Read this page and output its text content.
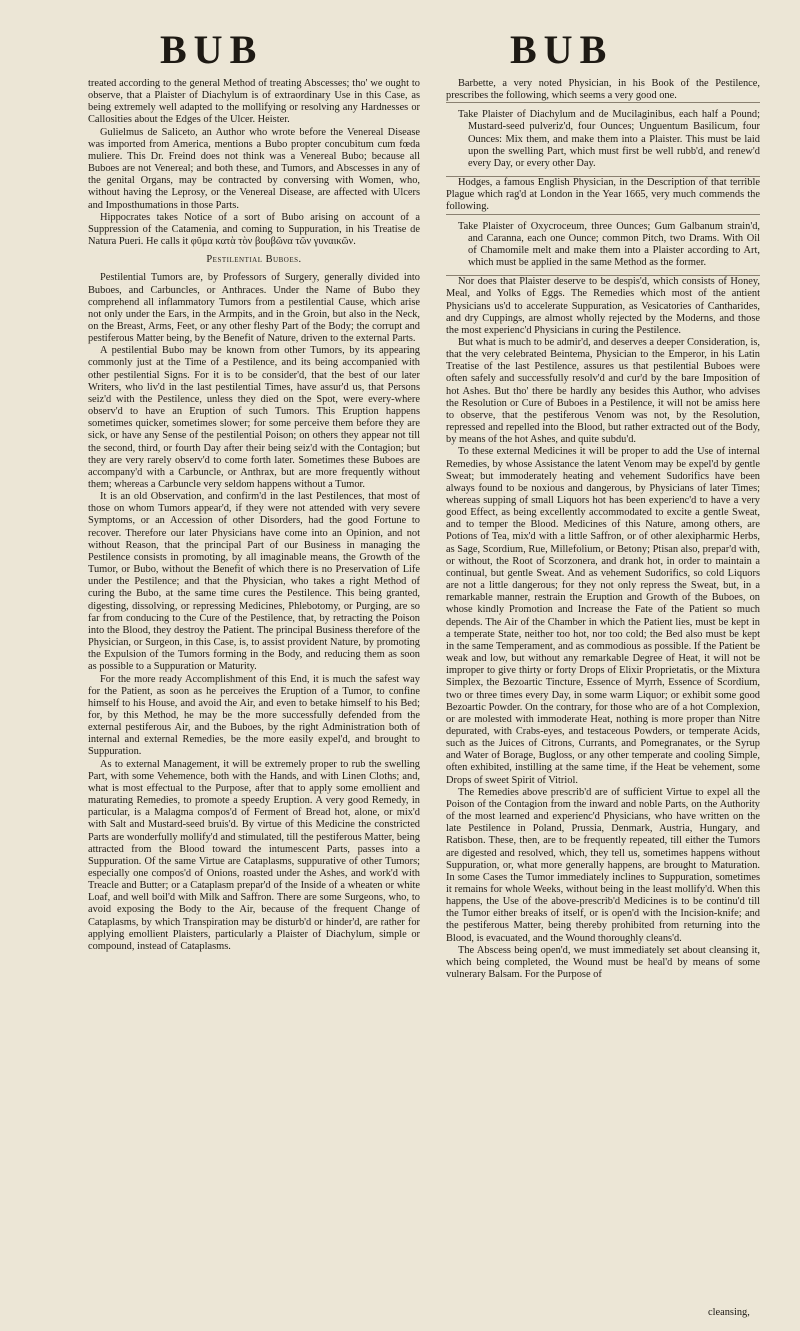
BUB	BUB

treated according to the general Method of treating Abscesses; tho' we ought to observe, that a Plaister of Diachylum is of extraordinary Use in this Case, as being extremely well adapted to the mollifying or resolving any Hardnesses or Callosities about the Edges of the Ulcer. Heister.

Gulielmus de Saliceto, an Author who wrote before the Venereal Disease was imported from America, mentions a Bubo propter concubitum cum fœda muliere. This Dr. Freind does not think was a Venereal Bubo; because all Buboes are not Venereal; and both these, and Tumors, and Abscesses in any of the genital Organs, may be contracted by conversing with Women, who, without having the Leprosy, or the Venereal Disease, are affected with Ulcers and Imposthumations in those Parts.

Hippocrates takes Notice of a sort of Bubo arising on account of a Suppression of the Catamenia, and coming to Suppuration, in his Treatise de Natura Pueri. He calls it φῦμα κατὰ τὸν βουβῶνα τῶν γυναικῶν.

Pestilential Buboes.

Pestilential Tumors are, by Professors of Surgery, generally divided into Buboes, and Carbuncles, or Anthraces. Under the Name of Bubo they comprehend all inflammatory Tumors from a pestilential Cause, which arise not only under the Ears, in the Armpits, and in the Groin, but also in the Neck, on the Breast, Arms, Feet, or any other fleshy Part of the Body; the corrupt and pestiferous Matter being, by the Benefit of Nature, driven to the external Parts.

A pestilential Bubo may be known from other Tumors, by its appearing commonly just at the Time of a Pestilence, and its being accompanied with other pestilential Signs. For it is to be consider'd, that the best of our later Writers, who liv'd in the last pestilential Times, have assur'd us, that Persons seiz'd with the Pestilence, unless they died on the Spot, were every-where observ'd to have an Eruption of such Tumors. This Eruption happens sometimes quicker, sometimes slower; for some perceive them before they are sick, or have any Sense of the pestilential Poison; on others they appear not till the second, third, or fourth Day after their being seiz'd with the Contagion; but they are very rarely observ'd to come forth later. Sometimes these Buboes are accompany'd with a Carbuncle, or Anthrax, but are more frequently without them; whereas a Carbuncle very seldom happens without a Tumor.

It is an old Observation, and confirm'd in the last Pestilences, that most of those on whom Tumors appear'd, if they were not attended with very severe Symptoms, or an Accession of other Disorders, had the good Fortune to recover. Therefore our later Physicians have come into an Opinion, and not without Reason, that the principal Part of our Business in managing the Pestilence consists in promoting, by all imaginable means, the Growth of the Tumor, or Bubo, without the Benefit of which there is no Preservation of Life under the Pestilence; and that the Physician, who takes a right Method of curing the Bubo, at the same time cures the Pestilence. This being granted, digesting, dissolving, or repressing Medicines, Phlebotomy, or Purging, are so far from conducing to the Cure of the Pestilence, that, by retracting the Poison into the Blood, they destroy the Patient. The principal Business therefore of the Physician, or Surgeon, in this Case, is, to assist provident Nature, by promoting the Expulsion of the Tumors forming in the Body, and reducing them as soon as possible to a Suppuration or Maturity.

For the more ready Accomplishment of this End, it is much the safest way for the Patient, as soon as he perceives the Eruption of a Tumor, to confine himself to his House, and avoid the Air, and even to betake himself to his Bed; for, by this Method, he may be the more successfully defended from the external pestiferous Air, and the Buboes, by the right Administration both of internal and external Remedies, be the more easily expel'd, and brought to Suppuration.

As to external Management, it will be extremely proper to rub the swelling Part, with some Vehemence, both with the Hands, and with Linen Cloths; and, what is most effectual to the Purpose, after that to apply some emollient and maturating Remedies, to promote a speedy Eruption. A very good Remedy, in particular, is a Malagma compos'd of Ferment of Bread hot, alone, or mix'd with Salt and Mustard-seed bruis'd. By virtue of this Medicine the constricted Parts are wonderfully mollify'd and stimulated, till the pestiferous Matter, being attracted from the Blood toward the intumescent Parts, passes into a Suppuration. Of the same Virtue are Cataplasms, suppurative of other Tumors; especially one compos'd of Onions, roasted under the Ashes, and work'd with Treacle and Butter; or a Cataplasm prepar'd of the Inside of a wheaten or white Loaf, and well boil'd with Milk and Saffron. There are some Surgeons, who, to avoid exposing the Body to the Air, because of the frequent Change of Cataplasms, by which Transpiration may be disturb'd or hinder'd, are rather for applying emollient Plaisters, particularly a Plaister of Diachylum, simple or compound, instead of Cataplasms.

Barbette, a very noted Physician, in his Book of the Pestilence, prescribes the following, which seems a very good one.

Take Plaister of Diachylum and de Mucilaginibus, each half a Pound; Mustard-seed pulveriz'd, four Ounces; Unguentum Basilicum, four Ounces: Mix them, and make them into a Plaister. This must be laid upon the swelling Part, which must first be well rubb'd, and renew'd every Day, or every other Day.

Hodges, a famous English Physician, in the Description of that terrible Plague which rag'd at London in the Year 1665, very much commends the following.

Take Plaister of Oxycroceum, three Ounces; Gum Galbanum strain'd, and Caranna, each one Ounce; common Pitch, two Drams. With Oil of Chamomile melt and make them into a Plaister according to Art, which must be applied in the same Method as the former.

Nor does that Plaister deserve to be despis'd, which consists of Honey, Meal, and Yolks of Eggs. The Remedies which most of the antient Physicians us'd to accelerate Suppuration, as Vesicatories of Cantharides, and dry Cuppings, are almost wholly rejected by the Moderns, and those the most experienc'd Physicians in curing the Pestilence.

But what is much to be admir'd, and deserves a deeper Consideration, is, that the very celebrated Beintema, Physician to the Emperor, in his Latin Treatise of the last Pestilence, assures us that pestilential Buboes were often safely and successfully resolv'd and cur'd by the bare Imposition of hot Ashes. But tho' there be hardly any besides this Author, who advises the Resolution or Cure of Buboes in a Pestilence, it will not be amiss here to observe, that the pestiferous Venom was not, by the Resolution, repressed and repelled into the Blood, but rather extracted out of the Body, by means of the hot Ashes, and quite subdu'd.

To these external Medicines it will be proper to add the Use of internal Remedies, by whose Assistance the latent Venom may be expel'd by gentle Sweat; but immoderately heating and vehement Sudorifics have been always found to be noxious and dangerous, by Physicians of later Times; whereas supping of small Liquors hot has been experienc'd to have a very good Effect, as being excellently accommodated to excite a gentle Sweat, and to temper the Blood. Medicines of this Nature, among others, are Potions of Tea, mix'd with a little Saffron, or of other alexipharmic Herbs, as Sage, Scordium, Rue, Millefolium, or Betony; Ptisan also, prepar'd with, or without, the Root of Scorzonera, and drank hot, in order to maintain a continual, but gentle Sweat. And as vehement Sudorifics, so cold Liquors are not a little dangerous; for they not only repress the Sweat, but, in a remarkable manner, restrain the Eruption and Growth of the Buboes, on whose kindly Promotion and Increase the Fate of the Patient so much depends. The Air of the Chamber in which the Patient lies, must be kept in a temperate State, neither too hot, nor too cold; the Bed also must be kept in the same Temperament, and as commodious as possible. If the Patient be weak and low, but without any remarkable Degree of Heat, it will not be improper to give thirty or forty Drops of Elixir Proprietatis, or the Mixtura Simplex, the Bezoartic Tincture, Essence of Myrrh, Essence of Scordium, two or three times every Day, in some warm Liquor; or exhibit some good Bezoartic Powder. On the contrary, for those who are of a hot Complexion, or are molested with immoderate Heat, nothing is more proper than Nitre depurated, with Crabs-eyes, and testaceous Powders, or temperate Acids, such as the Juices of Citrons, Currants, and Pomegranates, or the Syrup and Water of Borage, Bugloss, or any other temperate and cooling Simple, often exhibited, instilling at the same time, if the Heat be vehement, some Drops of sweet Spirit of Vitriol.

The Remedies above prescrib'd are of sufficient Virtue to expel all the Poison of the Contagion from the inward and noble Parts, on the Authority of the most learned and experienc'd Physicians, who have written on the late Pestilence in Poland, Prussia, Denmark, Austria, Hungary, and Ratisbon. These, then, are to be frequently repeated, till either the Tumors are digested and resolved, which, they tell us, sometimes happens without Suppuration, or, what more generally happens, are brought to Maturation. In some Cases the Tumor immediately inclines to Suppuration, sometimes it remains for whole Weeks, without being in the least mollify'd. When this happens, the Use of the above-prescrib'd Medicines is to be continu'd till the Tumor either breaks of itself, or is open'd with the Incision-knife; and the pestiferous Matter, being thereby prohibited from returning into the Blood, is evacuated, and the Wound thoroughly cleans'd.

The Abscess being open'd, we must immediately set about cleansing it, which being completed, the Wound must be heal'd by means of some vulnerary Balsam. For the Purpose of

cleansing,
